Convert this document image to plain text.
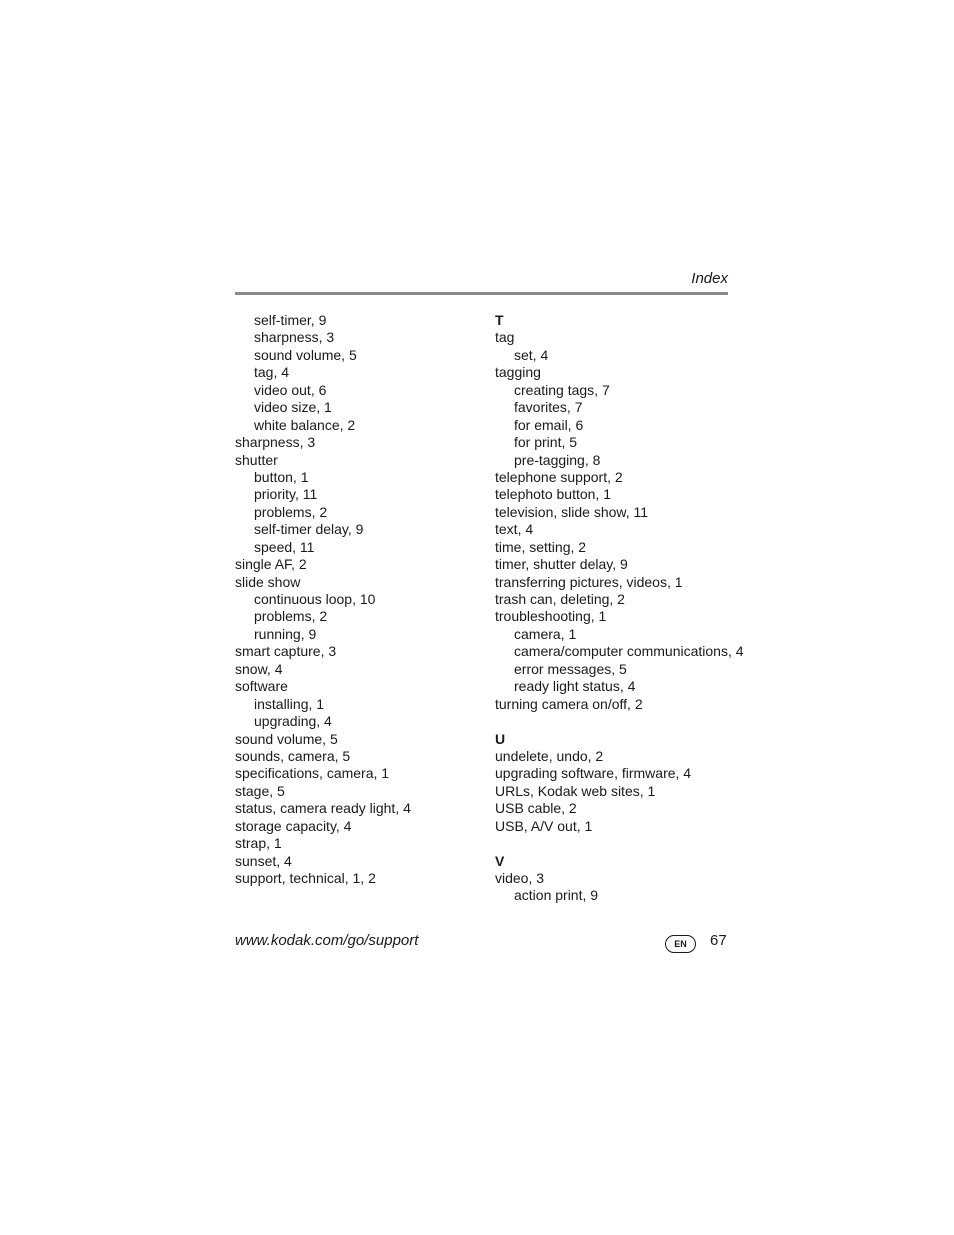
Index
self-timer, 9
sharpness, 3
sound volume, 5
tag, 4
video out, 6
video size, 1
white balance, 2
sharpness, 3
shutter
button, 1
priority, 11
problems, 2
self-timer delay, 9
speed, 11
single AF, 2
slide show
continuous loop, 10
problems, 2
running, 9
smart capture, 3
snow, 4
software
installing, 1
upgrading, 4
sound volume, 5
sounds, camera, 5
specifications, camera, 1
stage, 5
status, camera ready light, 4
storage capacity, 4
strap, 1
sunset, 4
support, technical, 1, 2
T
tag
set, 4
tagging
creating tags, 7
favorites, 7
for email, 6
for print, 5
pre-tagging, 8
telephone support, 2
telephoto button, 1
television, slide show, 11
text, 4
time, setting, 2
timer, shutter delay, 9
transferring pictures, videos, 1
trash can, deleting, 2
troubleshooting, 1
camera, 1
camera/computer communications, 4
error messages, 5
ready light status, 4
turning camera on/off, 2
U
undelete, undo, 2
upgrading software, firmware, 4
URLs, Kodak web sites, 1
USB cable, 2
USB, A/V out, 1
V
video, 3
action print, 9
www.kodak.com/go/support	EN	67
